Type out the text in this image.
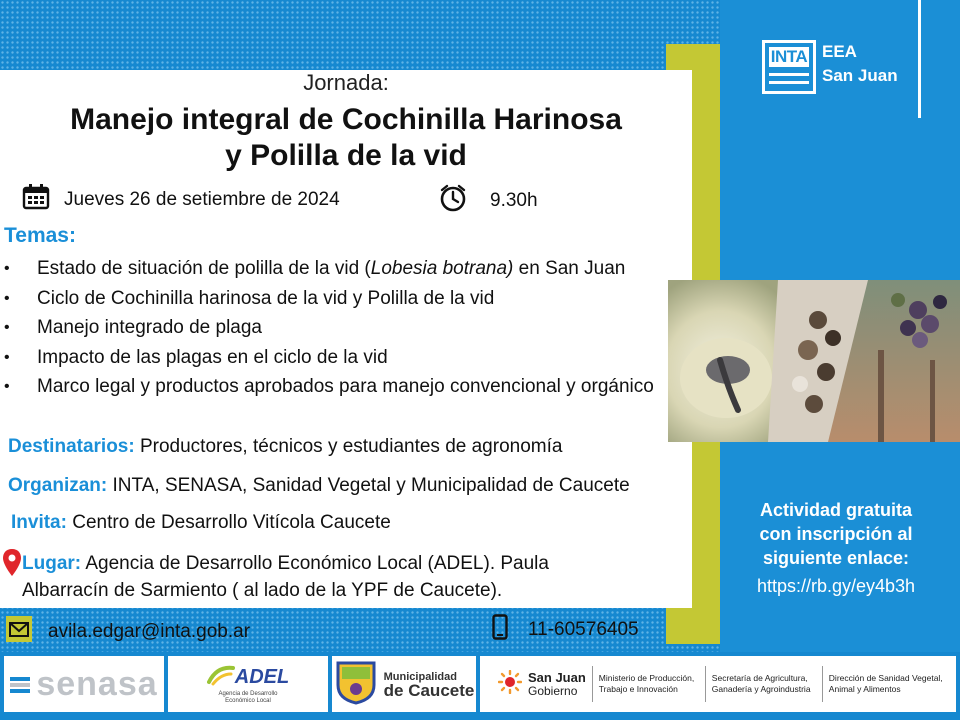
INTA EEA
San Juan
Jornada:
Manejo integral de Cochinilla Harinosa
y Polilla de la vid
Jueves 26 de setiembre de 2024	9.30h
Temas:
• Estado de situación de polilla de la vid (Lobesia botrana) en San Juan
• Ciclo de Cochinilla harinosa de la vid y Polilla de la vid
• Manejo integrado de plaga
• Impacto de las plagas en el ciclo de la vid
• Marco legal y productos aprobados para manejo convencional y orgánico
Destinatarios: Productores, técnicos y estudiantes de agronomía
Organizan: INTA, SENASA, Sanidad Vegetal y Municipalidad de Caucete
Invita: Centro de Desarrollo Vitícola Caucete
Lugar: Agencia de Desarrollo Económico Local (ADEL). Paula Albarracín de Sarmiento ( al lado de la YPF de Caucete).
avila.edgar@inta.gob.ar	11-60576405
Actividad gratuita
con inscripción al
siguiente enlace:
https://rb.gy/ey4b3h
senasa	ADEL
Agencia de Desarrollo Económico Local
Municipalidad
de Caucete
San Juan
Gobierno
Ministerio de Producción, Trabajo e Innovación
Secretaría de Agricultura, Ganadería y Agroindustria
Dirección de Sanidad Vegetal, Animal y Alimentos
